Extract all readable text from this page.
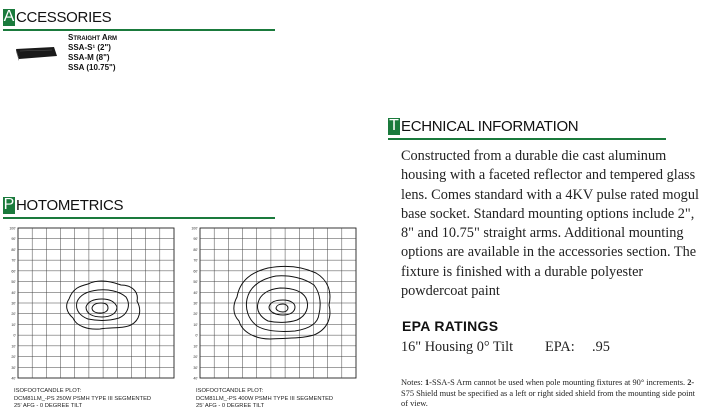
A CCESSORIES
Straight Arm
SSA-S¹ (2")
SSA-M (8")
SSA (10.75")
P HOTOMETRICS
T ECHNICAL INFORMATION
Constructed from a durable die cast aluminum housing with a faceted reflector and tempered glass lens. Comes standard with a 4KV pulse rated mogul base socket. Standard mounting options include 2", 8" and 10.75" straight arms. Additional mounting options are available in the accessories section. The fixture is finished with a durable polyester powdercoat paint
EPA RATINGS
16" Housing 0° Tilt EPA: .95
Notes: 1-SSA-S Arm cannot be used when pole mounting fixtures at 90° increments. 2-S75 Shield must be specified as a left or right sided shield from the mounting side point of view.
100'
90'
80'
70'
60'
50'
40'
30'
20'
10'
0'
10'
20'
30'
40'
ISOFOOTCANDLE PLOT:
DCM81LM_-PS 250W PSMH TYPE III SEGMENTED
25' AFG - 0 DEGREE TILT
100'
90'
80'
70'
60'
50'
40'
30'
20'
10'
0'
10'
20'
30'
40'
ISOFOOTCANDLE PLOT:
DCM81LM_-PS 400W PSMH TYPE III SEGMENTED
25' AFG - 0 DEGREE TILT
